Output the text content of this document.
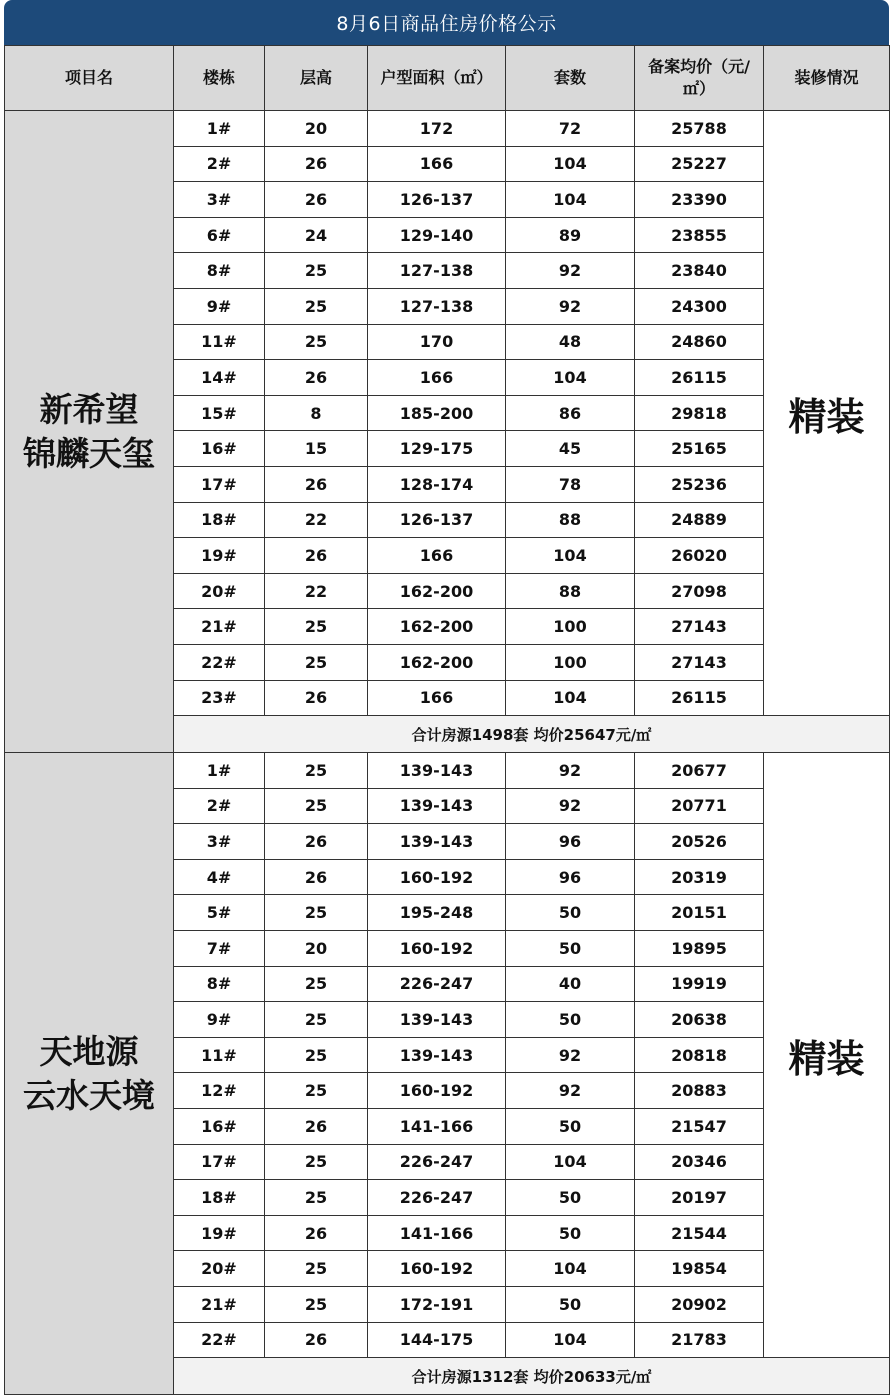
8月6日商品住房价格公示
项目名	楼栋	层高	户型面积（㎡）	套数	备案均价（元/
㎡）	装修情况

新希望
锦麟天玺	1#	20	172	72	25788	精装
	2#	26	166	104	25227	
	3#	26	126-137	104	23390	
	6#	24	129-140	89	23855	
	8#	25	127-138	92	23840	
	9#	25	127-138	92	24300	
	11#	25	170	48	24860	
	14#	26	166	104	26115	
	15#	8	185-200	86	29818	
	16#	15	129-175	45	25165	
	17#	26	128-174	78	25236	
	18#	22	126-137	88	24889	
	19#	26	166	104	26020	
	20#	22	162-200	88	27098	
	21#	25	162-200	100	27143	
	22#	25	162-200	100	27143	
	23#	26	166	104	26115	
	合计房源1498套 均价25647元/㎡					

天地源
云水天境	1#	25	139-143	92	20677	精装
	2#	25	139-143	92	20771	
	3#	26	139-143	96	20526	
	4#	26	160-192	96	20319	
	5#	25	195-248	50	20151	
	7#	20	160-192	50	19895	
	8#	25	226-247	40	19919	
	9#	25	139-143	50	20638	
	11#	25	139-143	92	20818	
	12#	25	160-192	92	20883	
	16#	26	141-166	50	21547	
	17#	25	226-247	104	20346	
	18#	25	226-247	50	20197	
	19#	26	141-166	50	21544	
	20#	25	160-192	104	19854	
	21#	25	172-191	50	20902	
	22#	26	144-175	104	21783	
	合计房源1312套 均价20633元/㎡					
